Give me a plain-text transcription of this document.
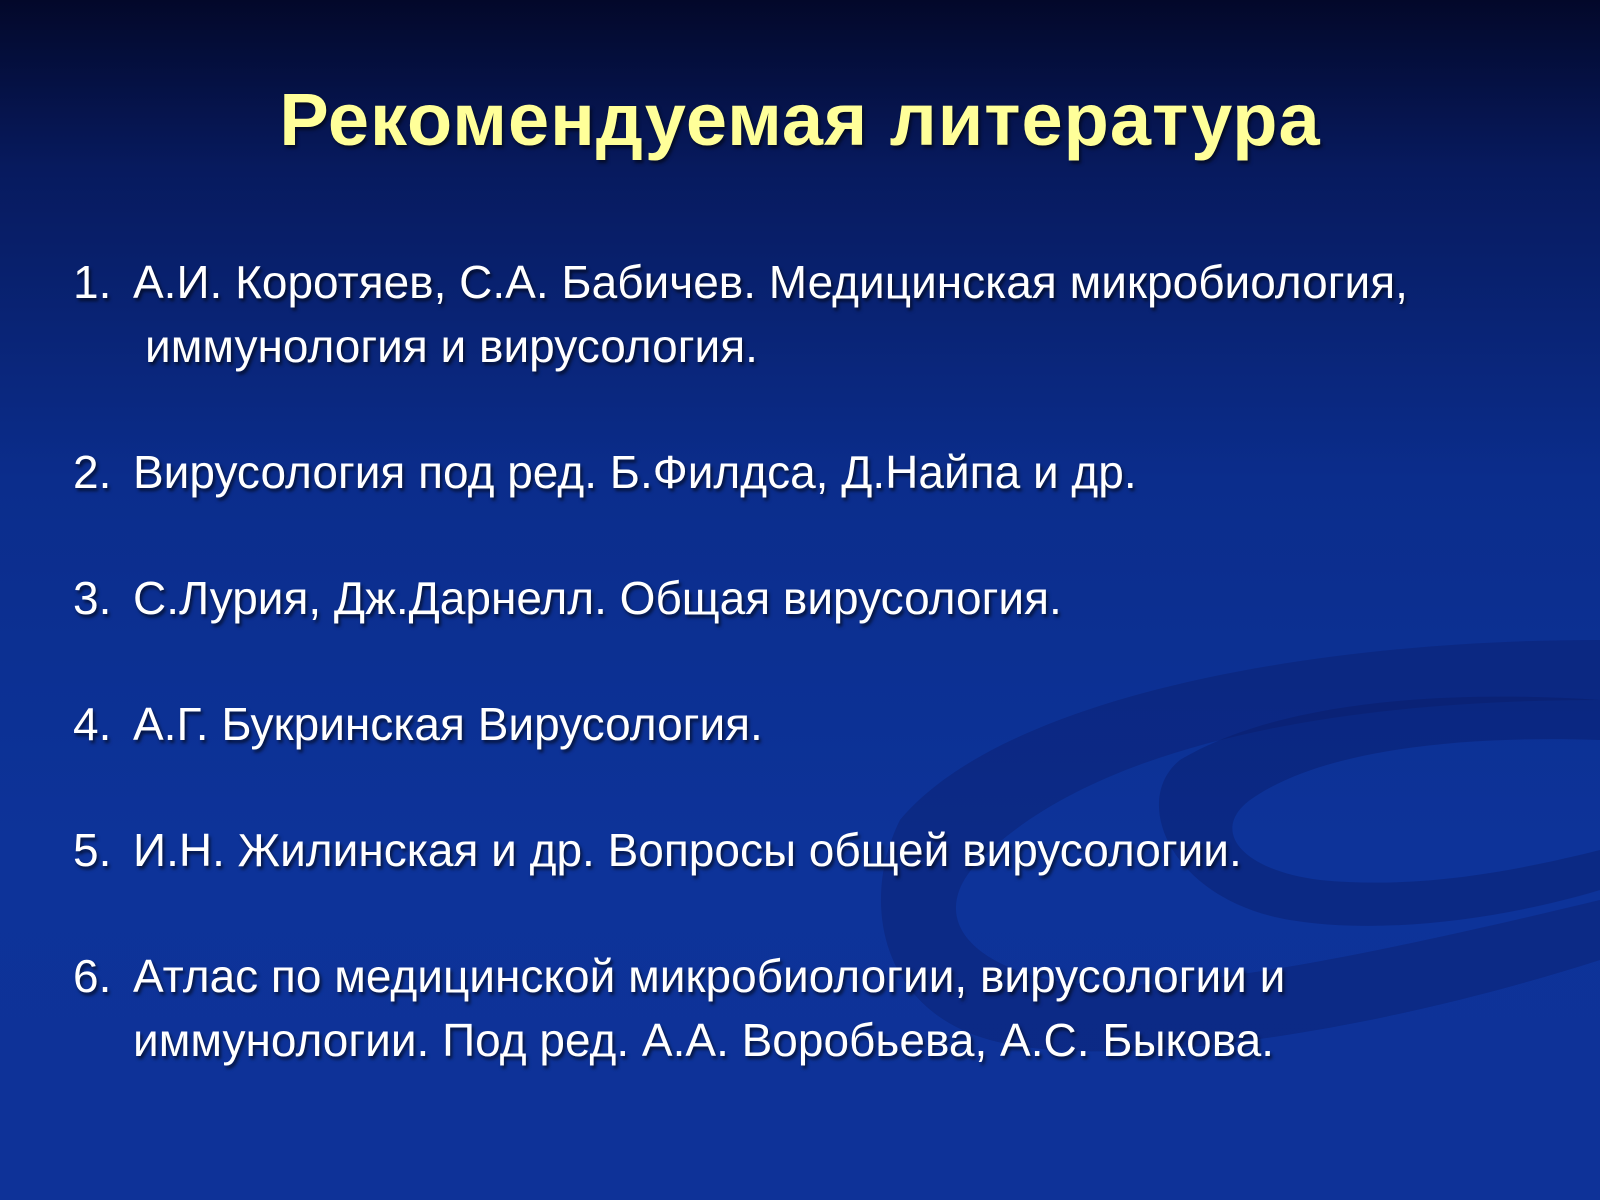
Рекомендуемая литература
1. А.И. Коротяев, С.А. Бабичев. Медицинская микробиология, иммунология и вирусология.
2. Вирусология под ред. Б.Филдса, Д.Найпа и др.
3. С.Лурия, Дж.Дарнелл. Общая вирусология.
4. А.Г. Букринская Вирусология.
5. И.Н. Жилинская и др. Вопросы общей вирусологии.
6. Атлас по медицинской микробиологии, вирусологии и иммунологии. Под ред. А.А. Воробьева, А.С. Быкова.
